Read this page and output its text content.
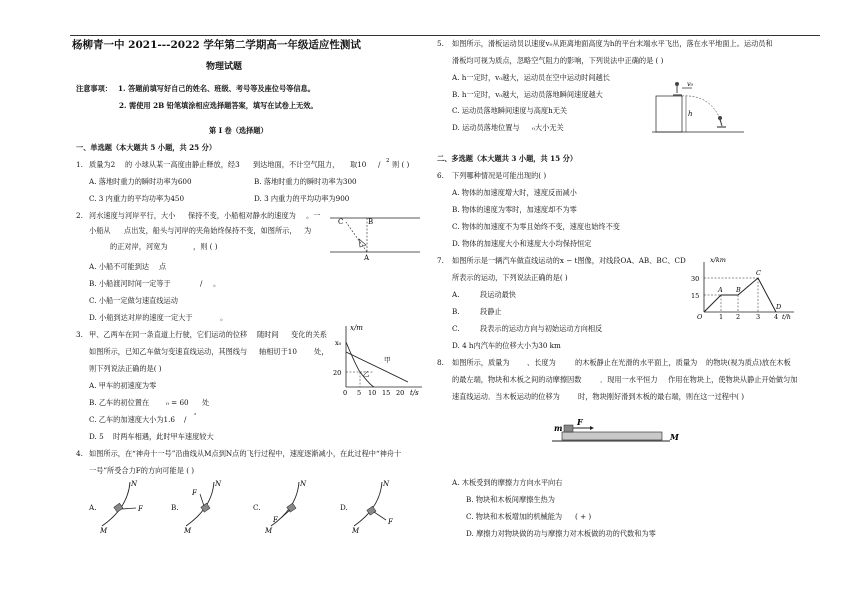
杨柳青一中 2021---2022 学年第二学期高一年级适应性测试
物理试题
注意事项： 1. 答题前填写好自己的姓名、班级、考号等及座位号等信息。
2. 需使用 2B 铅笔填涂相应选择题答案，填写在试卷上无效。
第 I 卷（选择题）
一、单选题（本大题共 5 小题，共 25 分）
1. 质量为2 的 小球从某一高度由静止释放，经3 到达地面，不计空气阻力， 取10 / 2 则 ( )
A. 落地时重力的瞬时功率为600	B. 落地时重力的瞬时功率为300
C. 3 内重力的平均功率为450	D. 3 内重力的平均功率为900
2. 河水速度与河岸平行，大小 保持不变，小船相对静水的速度为 。一
小船从 点出发，船头与河岸的夹角始终保持不变，如图所示， 为
的正对岸，河宽为	，则 ( )
A. 小船不可能到达 点
B. 小船渡河时间一定等于	/ 。
C. 小船一定做匀速直线运动
D. 小船到达对岸的速度一定大于	。
C	B
A
3. 甲、乙两车在同一条直道上行驶，它们运动的位移 随时间 变化的关系
如图所示，已知乙车做匀变速直线运动，其图线与 轴相切于10 处，
则下列说法正确的是( )
A. 甲车的初速度为零
B. 乙车的初位置在 ₀ = 60 处
C. 乙车的加速度大小为1.6 / ²
D. 5 时两车相遇，此时甲车速度较大
x/m
x₀
20
甲
乙
0 5 10 15 20 t/s
4. 如图所示，在“神舟十一号”沿曲线从M点到N点的飞行过程中，速度逐渐减小，在此过程中“神舟十
一号”所受合力F的方向可能是 ( )
A.	B.	C.	D.
N
M
F
N
M
F
N
M
F
N
M
F
5. 如图所示，滑板运动员以速度v₀从距离地面高度为h的平台末端水平飞出，落在水平地面上。运动员和
滑板均可视为质点，忽略空气阻力的影响，下列说法中正确的是 ( )
A. h一定时，v₀越大，运动员在空中运动时间越长
B. h一定时，v₀越大，运动员落地瞬间速度越大
C. 运动员落地瞬间速度与高度h无关
D. 运动员落地位置与 ₀大小无关
v₀
h
二、多选题（本大题共 3 小题，共 15 分）
6. 下列哪种情况是可能出现的( )
A. 物体的加速度增大时，速度反而减小
B. 物体的速度为零时，加速度却不为零
C. 物体的加速度不为零且始终不变，速度也始终不变
D. 物体的加速度大小和速度大小均保持恒定
7. 如图所示是一辆汽车做直线运动的x − t图像，对线段OA、AB、BC、CD
所表示的运动，下列说法正确的是( )
A.	段运动最快
B.	段静止
C.	段表示的运动方向与初始运动方向相反
D. 4 h内汽车的位移大小为30 km
x/km
30
15
A B
C
D
O	1 2 3 4 t/h
8. 如图所示，质量为 、长度为	的木板静止在光滑的水平面上，质量为 的物块(视为质点)放在木板
的最左端，物块和木板之间的动摩擦因数	．现用一水平恒力 作用在物块上，使物块从静止开始做匀加
速直线运动．当木板运动的位移为	时，物块刚好滑到木板的最右端，则在这一过程中( )
m
F
M
A. 木板受到的摩擦力方向水平向右
B. 物块和木板间摩擦生热为
C. 物块和木板增加的机械能为 ( + )
D. 摩擦力对物块做的功与摩擦力对木板做的功的代数和为零
